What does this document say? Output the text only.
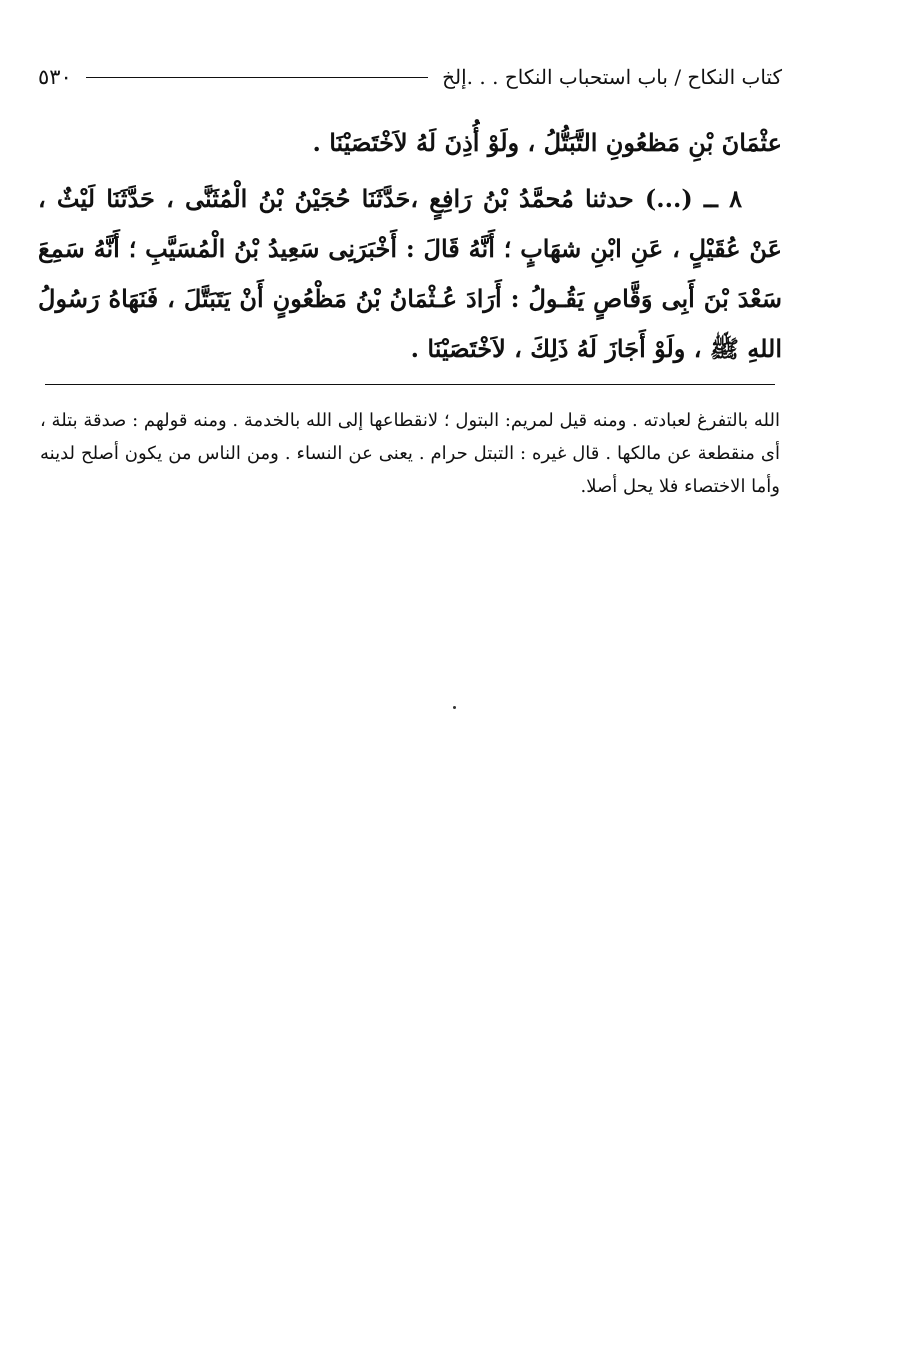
كتاب النكاح / باب استحباب النكاح . . .إلخ
٥٣٠

عثْمَانَ بْنِ مَظعُونِ التَّبَتُّلُ ، ولَوْ أُذِنَ لَهُ لاَخْتَصَيْنَا .

٨ ــ (...) حدثنا مُحمَّدُ بْنُ رَافِعٍ ،حَدَّثَنَا حُجَيْنُ بْنُ الْمُثَنَّى ، حَدَّثَنَا لَيْثٌ ، عَنْ عُقَيْلٍ ، عَنِ ابْنِ شهَابٍ ؛ أَنَّهُ قَالَ : أَخْبَرَنِى سَعِيدُ بْنُ الْمُسَيَّبِ ؛ أَنَّهُ سَمِعَ سَعْدَ بْنَ أَبِى وَقَّاصٍ يَقُـولُ : أَرَادَ عُـثْمَانُ بْنُ مَظْعُونٍ أَنْ يَتَبَتَّلَ ، فَنَهَاهُ رَسُولُ اللهِ ﷺ ، ولَوْ أَجَازَ لَهُ ذَلِكَ ، لاَخْتَصَيْنَا .

الله بالتفرغ لعبادته . ومنه قيل لمريم: البتول ؛ لانقطاعها إلى الله بالخدمة . ومنه قولهم : صدقة بتلة ، أى منقطعة عن مالكها . قال غيره : التبتل حرام . يعنى عن النساء . ومن الناس من يكون أصلح لدينه وأما الاختصاء فلا يحل أصلا.
